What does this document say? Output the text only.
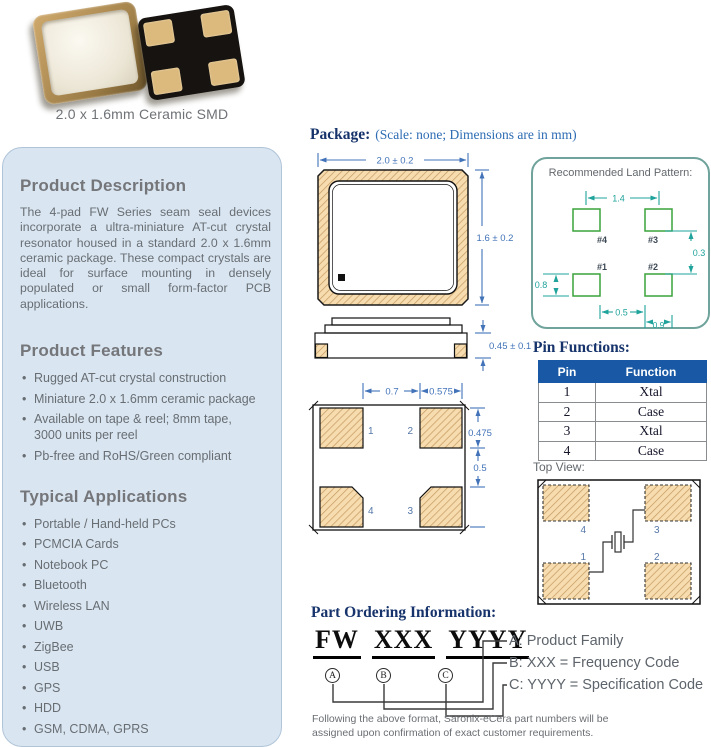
2.0 x 1.6mm Ceramic SMD
Product Description

The 4-pad FW Series seam seal devices incorporate a ultra-miniature AT-cut crystal resonator housed in a standard 2.0 x 1.6mm ceramic package. These compact crystals are ideal for surface mounting in densely populated or small form-factor PCB applications.

Product Features
• Rugged AT-cut crystal construction
• Miniature 2.0 x 1.6mm ceramic package
• Available on tape & reel; 8mm tape, 3000 units per reel
• Pb-free and RoHS/Green compliant
Typical Applications
• Portable / Hand-held PCs
• PCMCIA Cards
• Notebook PC
• Bluetooth
• Wireless LAN
• UWB
• ZigBee
• USB
• GPS
• HDD
• GSM, CDMA, GPRS
Package: (Scale: none; Dimensions are in mm)
2.0 ± 0.2
1.6 ± 0.2
0.45 ± 0.1
0.7	0.575
1	2
4	3
0.475
0.5
Recommended Land Pattern:
#4	#3
#1	#2
1.4
0.3
0.8
0.5
0.9
Pin Functions:
Pin	Function
1	Xtal
2	Case
3	Xtal
4	Case
Top View:
4	3
1	2
Part Ordering Information:
FW XXX YYYY
A	B	C
A: Product Family
B: XXX = Frequency Code
C: YYYY = Specification Code
Following the above format, Saronix-eCera part numbers will be assigned upon confirmation of exact customer requirements.
